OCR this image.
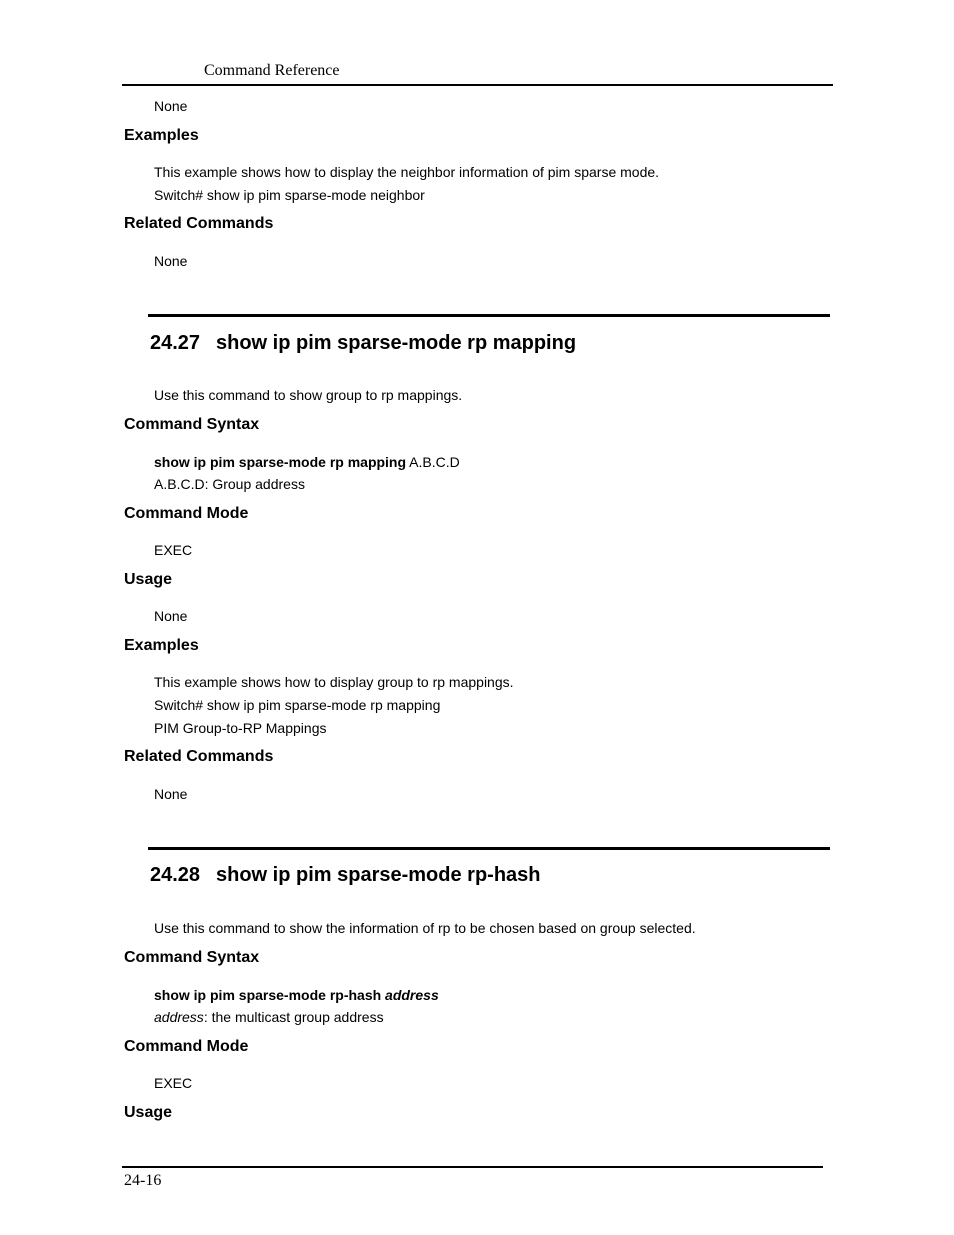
Command Reference
None
Examples
This example shows how to display the neighbor information of pim sparse mode.
Switch# show ip pim sparse-mode neighbor
Related Commands
None
24.27 show ip pim sparse-mode rp mapping
Use this command to show group to rp mappings.
Command Syntax
show ip pim sparse-mode rp mapping A.B.C.D
A.B.C.D: Group address
Command Mode
EXEC
Usage
None
Examples
This example shows how to display group to rp mappings.
Switch# show ip pim sparse-mode rp mapping
PIM Group-to-RP Mappings
Related Commands
None
24.28 show ip pim sparse-mode rp-hash
Use this command to show the information of rp to be chosen based on group selected.
Command Syntax
show ip pim sparse-mode rp-hash address
address: the multicast group address
Command Mode
EXEC
Usage
24-16
